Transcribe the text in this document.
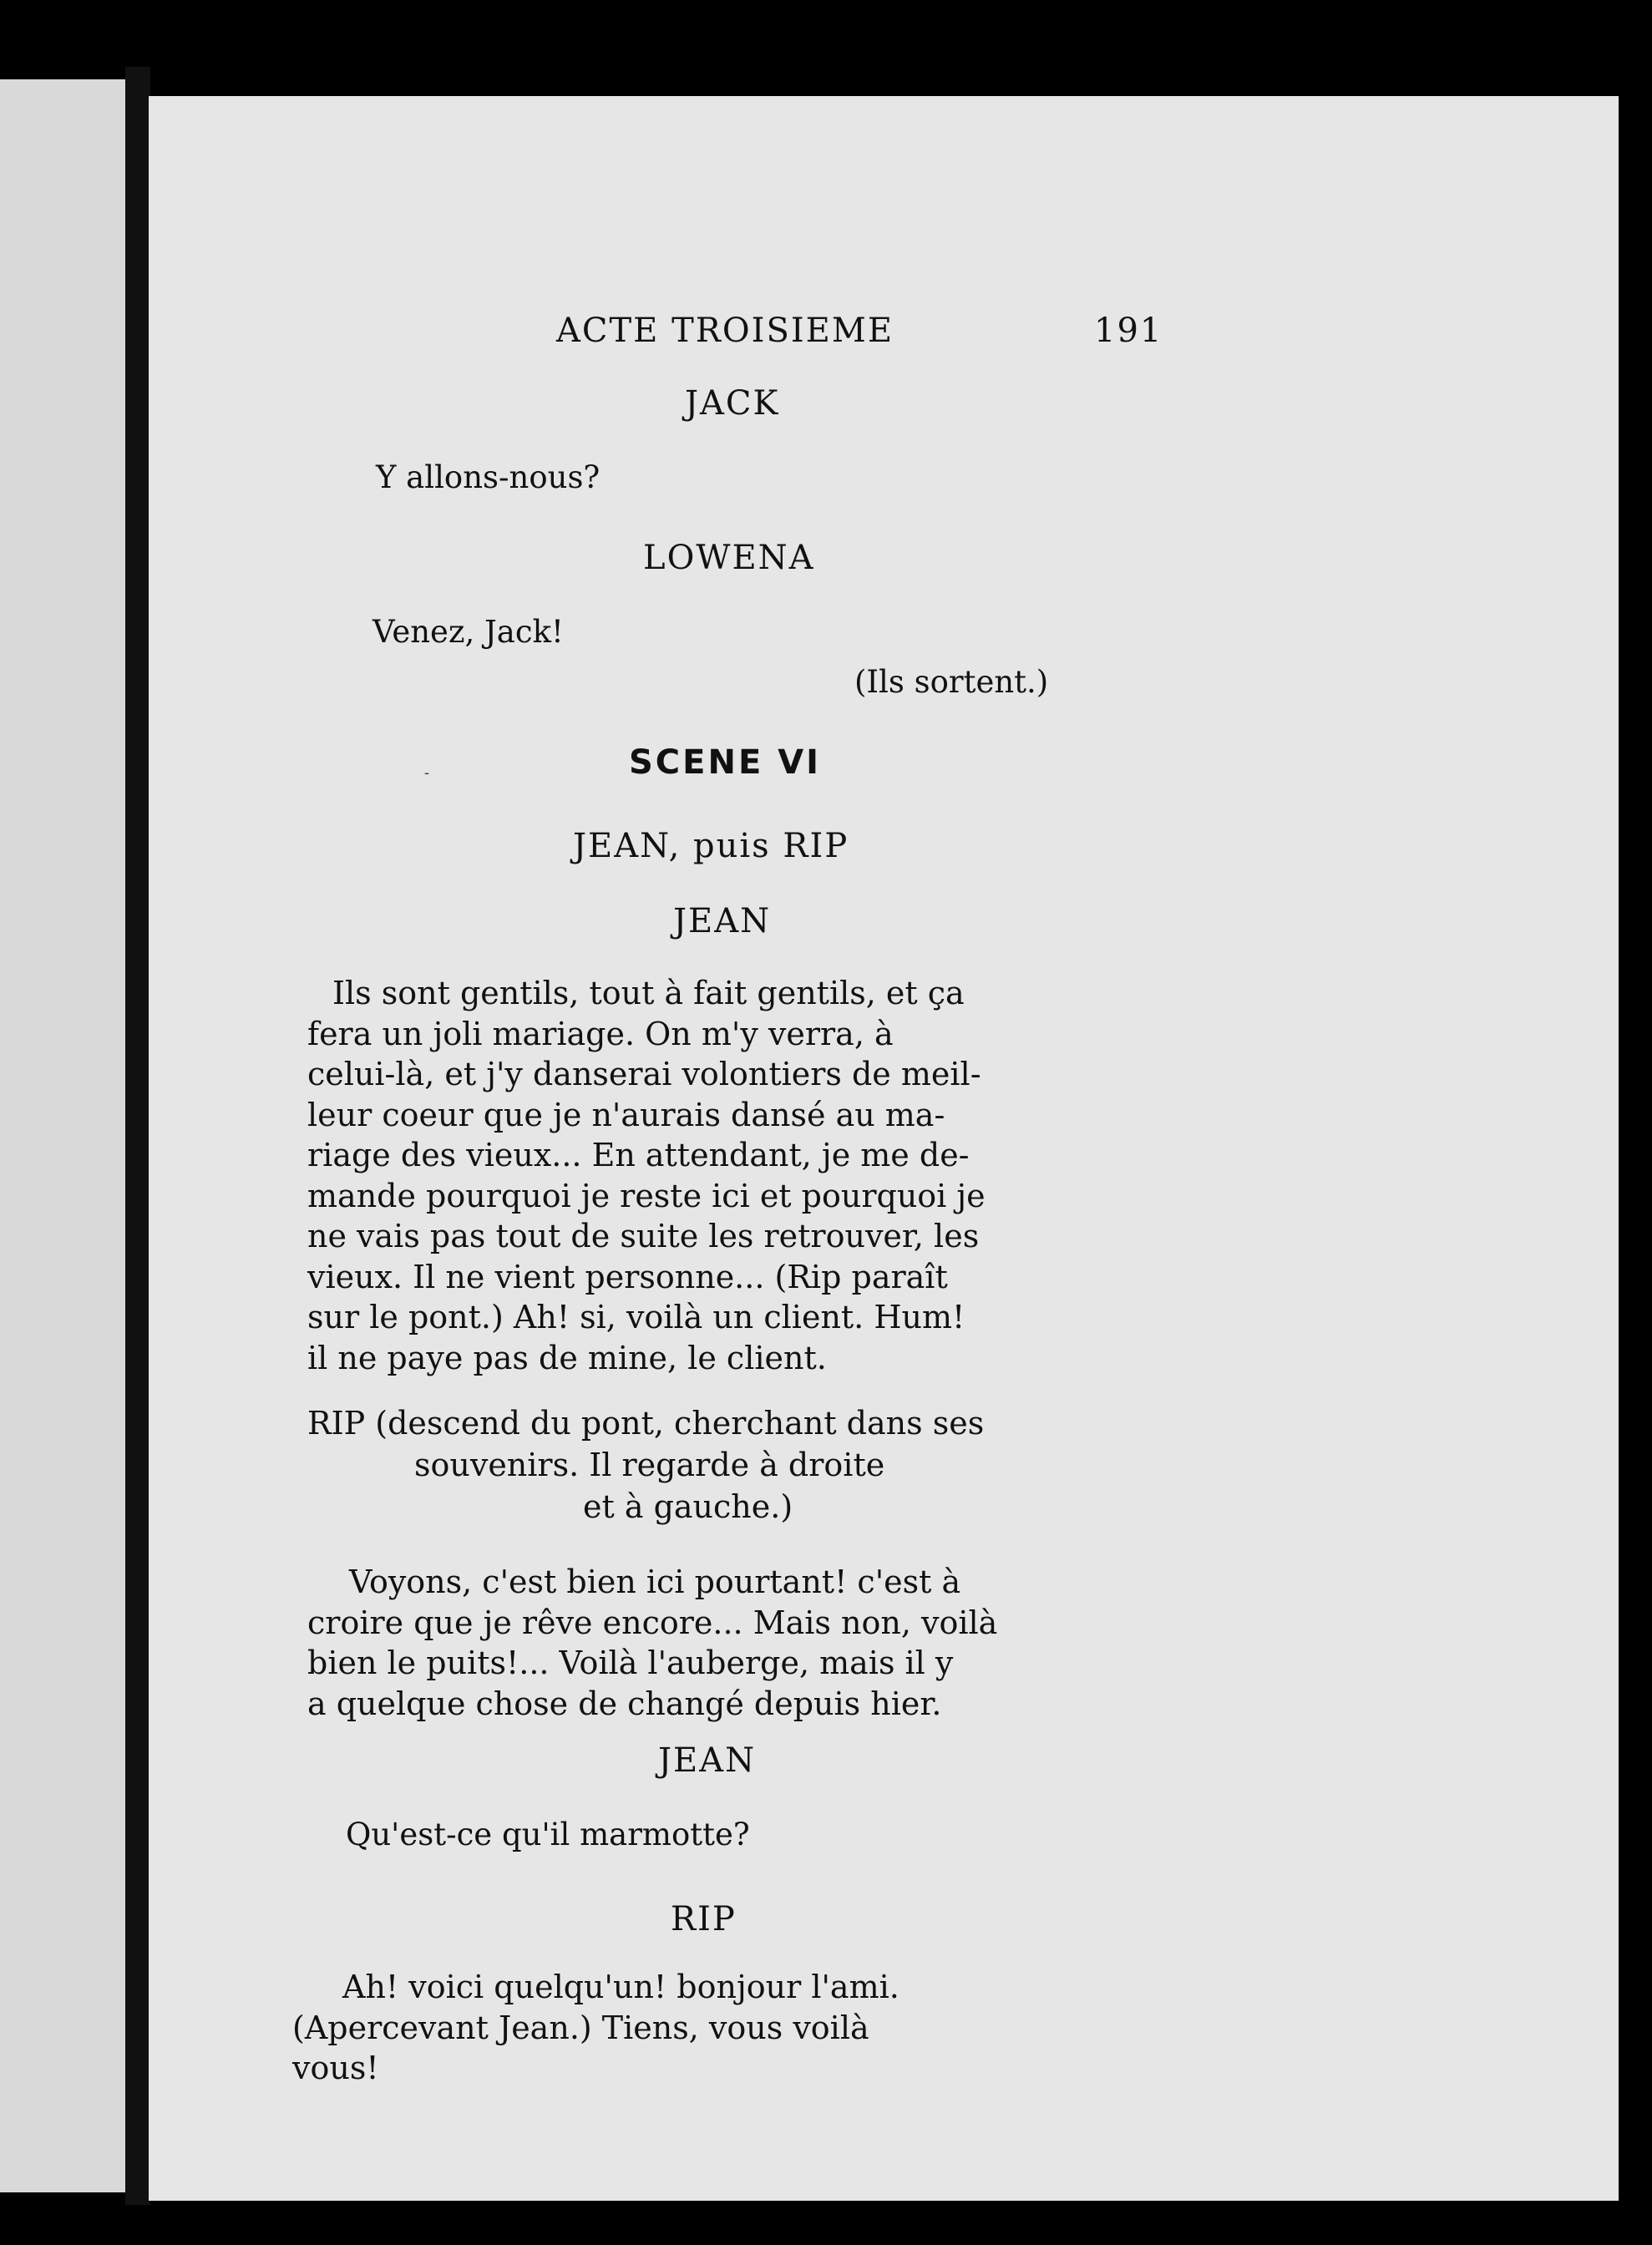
ACTE TROISIEME	191
JACK
Y allons-nous?
LOWENA
Venez, Jack!
(Ils sortent.)
SCENE VI
JEAN, puis RIP
JEAN
Ils sont gentils, tout à fait gentils, et ça
fera un joli mariage. On m'y verra, à
celui-là, et j'y danserai volontiers de meil-
leur coeur que je n'aurais dansé au ma-
riage des vieux... En attendant, je me de-
mande pourquoi je reste ici et pourquoi je
ne vais pas tout de suite les retrouver, les
vieux. Il ne vient personne... (Rip paraît
sur le pont.) Ah! si, voilà un client. Hum!
il ne paye pas de mine, le client.
RIP (descend du pont, cherchant dans ses
souvenirs. Il regarde à droite
et à gauche.)
Voyons, c'est bien ici pourtant! c'est à
croire que je rêve encore... Mais non, voilà
bien le puits!... Voilà l'auberge, mais il y
a quelque chose de changé depuis hier.
JEAN
Qu'est-ce qu'il marmotte?
RIP
Ah! voici quelqu'un! bonjour l'ami.
(Apercevant Jean.) Tiens, vous voilà
vous!
-
